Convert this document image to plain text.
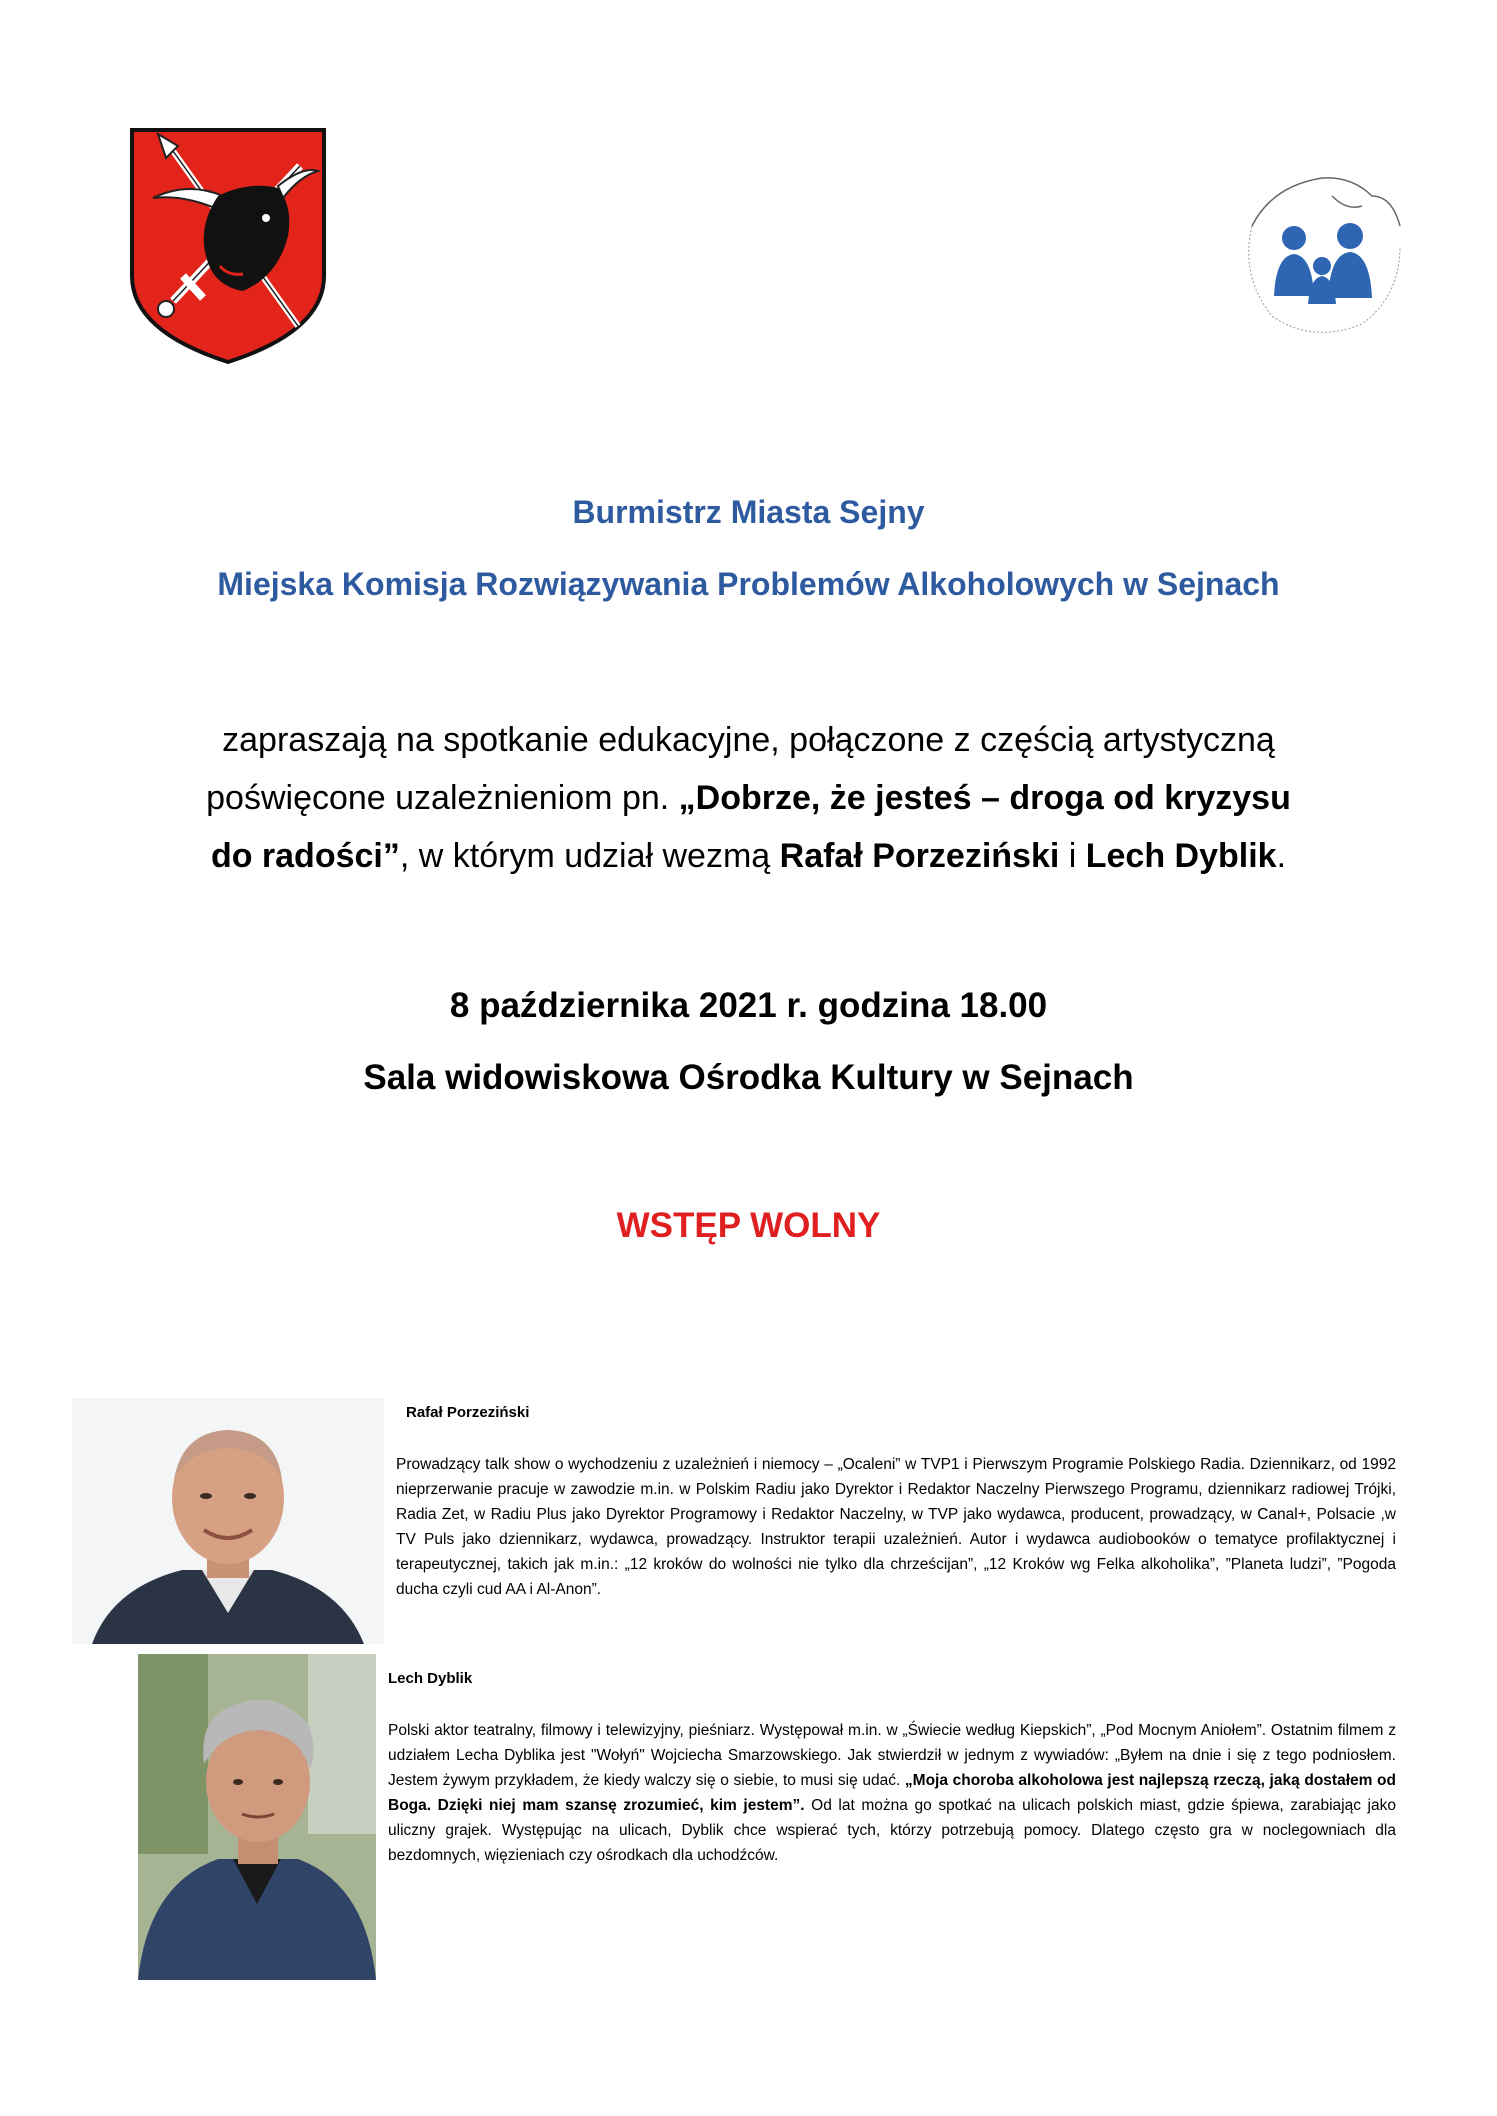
Burmistrz Miasta Sejny
Miejska Komisja Rozwiązywania Problemów Alkoholowych w Sejnach
zapraszają na spotkanie edukacyjne, połączone z częścią artystyczną
poświęcone uzależnieniom pn. „Dobrze, że jesteś – droga od kryzysu
do radości”, w którym udział wezmą Rafał Porzeziński i Lech Dyblik.
8 października 2021 r. godzina 18.00
Sala widowiskowa Ośrodka Kultury w Sejnach
WSTĘP WOLNY
Rafał Porzeziński
Prowadzący talk show o wychodzeniu z uzależnień i niemocy – „Ocaleni” w TVP1 i Pierwszym Programie Polskiego Radia. Dziennikarz, od 1992 nieprzerwanie pracuje w zawodzie m.in. w Polskim Radiu jako Dyrektor i Redaktor Naczelny Pierwszego Programu, dziennikarz radiowej Trójki, Radia Zet, w Radiu Plus jako Dyrektor Programowy i Redaktor Naczelny, w TVP jako wydawca, producent, prowadzący, w Canal+, Polsacie ,w TV Puls jako dziennikarz, wydawca, prowadzący. Instruktor terapii uzależnień. Autor i wydawca audiobooków o tematyce profilaktycznej i terapeutycznej, takich jak m.in.: „12 kroków do wolności nie tylko dla chrześcijan”, „12 Kroków wg Felka alkoholika”, ”Planeta ludzi”, ”Pogoda ducha czyli cud AA i Al-Anon”.
Lech Dyblik
Polski aktor teatralny, filmowy i telewizyjny, pieśniarz. Występował m.in. w „Świecie według Kiepskich”, „Pod Mocnym Aniołem”. Ostatnim filmem z udziałem Lecha Dyblika jest "Wołyń" Wojciecha Smarzowskiego. Jak stwierdził w jednym z wywiadów: „Byłem na dnie i się z tego podniosłem. Jestem żywym przykładem, że kiedy walczy się o siebie, to musi się udać. „Moja choroba alkoholowa jest najlepszą rzeczą, jaką dostałem od Boga. Dzięki niej mam szansę zrozumieć, kim jestem”. Od lat można go spotkać na ulicach polskich miast, gdzie śpiewa, zarabiając jako uliczny grajek. Występując na ulicach, Dyblik chce wspierać tych, którzy potrzebują pomocy. Dlatego często gra w noclegowniach dla bezdomnych, więzieniach czy ośrodkach dla uchodźców.
